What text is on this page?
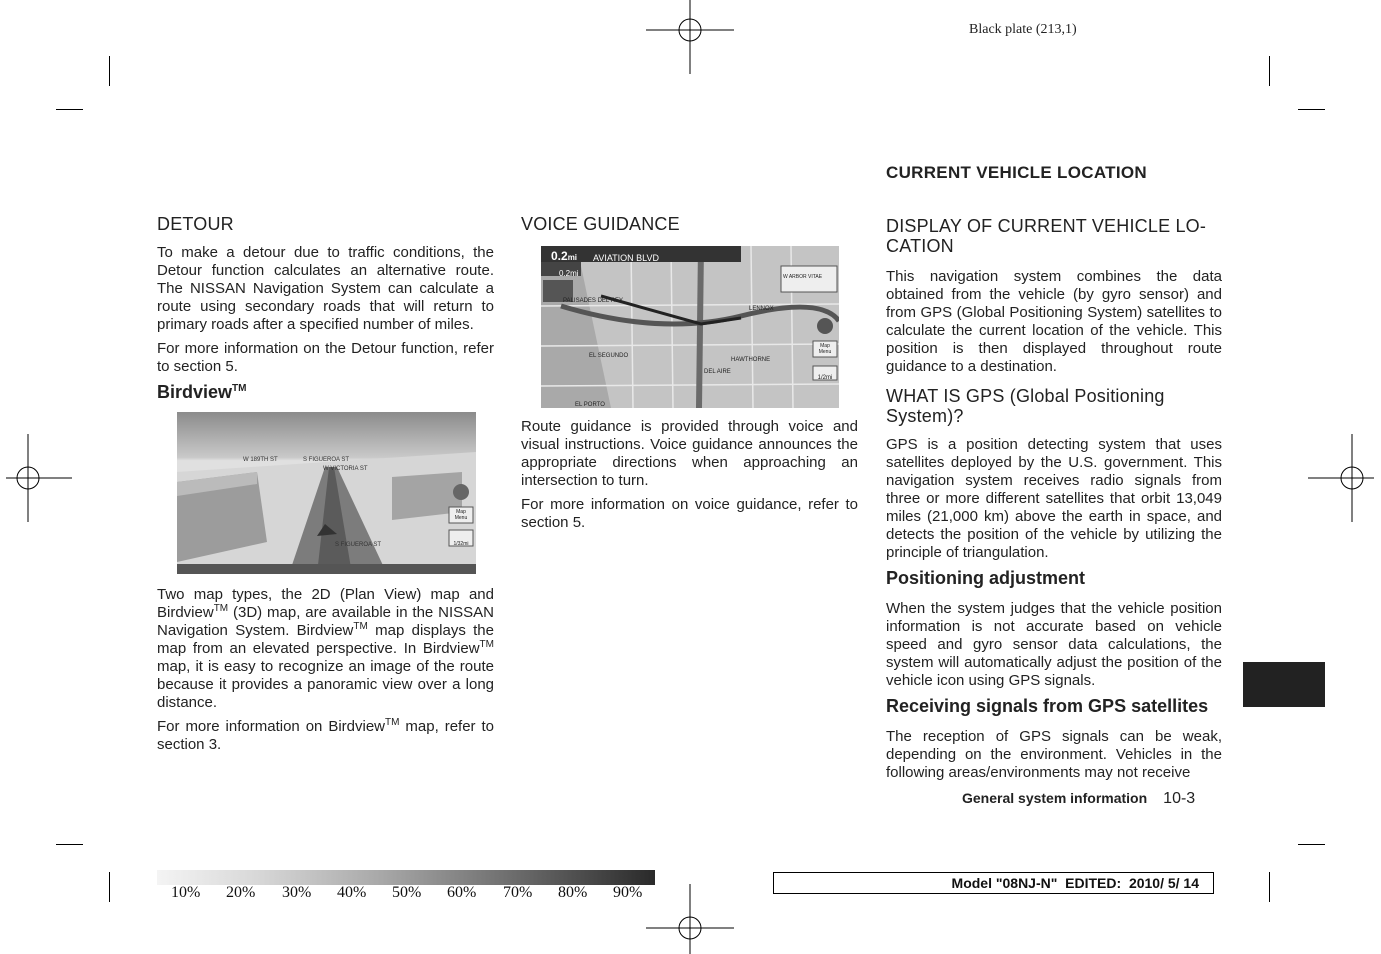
Black plate (213,1)
DETOUR

To make a detour due to traffic conditions, the Detour function calculates an alternative route. The NISSAN Navigation System can calculate a route using secondary roads that will return to primary roads after a specified number of miles.

For more information on the Detour function, refer to section 5.

Birdview™
W 189TH ST	S FIGUEROA ST
W VICTORIA ST
S FIGUEROA ST
Map Menu
1/32mi

Two map types, the 2D (Plan View) map and Birdview™ (3D) map, are available in the NISSAN Navigation System. Birdview™ map displays the map from an elevated perspective. In Birdview™ map, it is easy to recognize an image of the route because it provides a panoramic view over a long distance.

For more information on Birdview™ map, refer to section 3.

VOICE GUIDANCE
0.2mi AVIATION BLVD
0.2mi
PALISADES DEL REY
LENNOX
EL SEGUNDO
HAWTHORNE
DEL AIRE
EL PORTO
W ARBOR VITAE
Map Menu
1/2mi

Route guidance is provided through voice and visual instructions. Voice guidance announces the appropriate directions when approaching an intersection to turn.

For more information on voice guidance, refer to section 5.

CURRENT VEHICLE LOCATION
DISPLAY OF CURRENT VEHICLE LO-CATION

This navigation system combines the data obtained from the vehicle (by gyro sensor) and from GPS (Global Positioning System) satellites to calculate the current location of the vehicle. This position is then displayed throughout route guidance to a destination.

WHAT IS GPS (Global Positioning System)?

GPS is a position detecting system that uses satellites deployed by the U.S. government. This navigation system receives radio signals from three or more different satellites that orbit 13,049 miles (21,000 km) above the earth in space, and detects the position of the vehicle by utilizing the principle of triangulation.

Positioning adjustment

When the system judges that the vehicle position information is not accurate based on vehicle speed and gyro sensor data calculations, the system will automatically adjust the position of the vehicle icon using GPS signals.

Receiving signals from GPS satellites

The reception of GPS signals can be weak, depending on the environment. Vehicles in the following areas/environments may not receive

General system information 10-3
10% 20% 30% 40% 50% 60% 70% 80% 90%
Model "08NJ-N"  EDITED:  2010/ 5/ 14
